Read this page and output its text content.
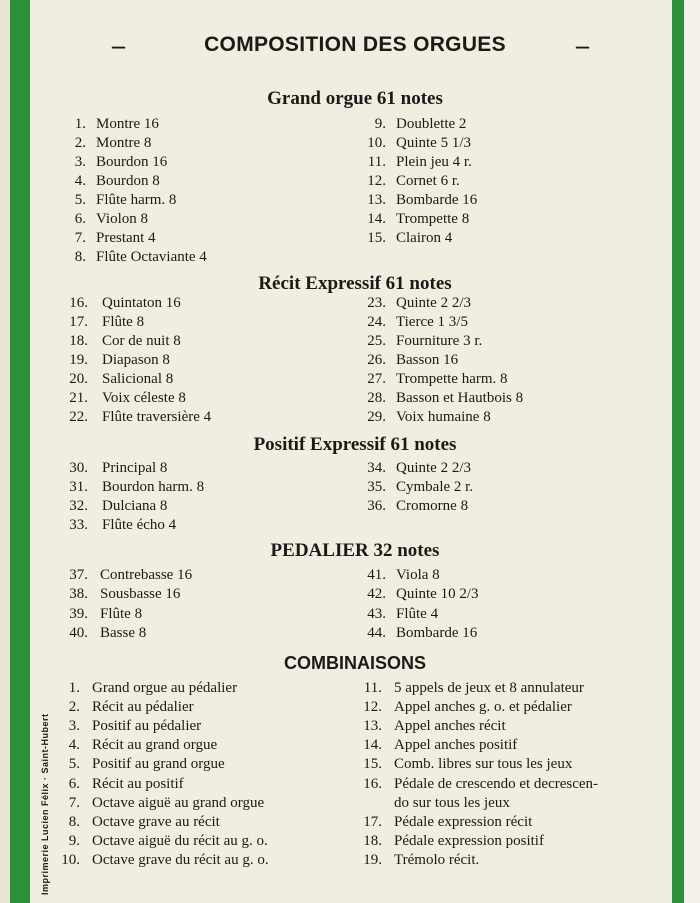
Imprimerie Lucien Félix · Saint-Hubert
–	–
COMPOSITION DES ORGUES
Grand orgue 61 notes
Récit Expressif 61 notes
Positif Expressif 61 notes
PEDALIER 32 notes
COMBINAISONS
1. Montre 16
2. Montre 8
3. Bourdon 16
4. Bourdon 8
5. Flûte harm. 8
6. Violon 8
7. Prestant 4
8. Flûte Octaviante 4
9. Doublette 2
10. Quinte 5 1/3
11. Plein jeu 4 r.
12. Cornet 6 r.
13. Bombarde 16
14. Trompette 8
15. Clairon 4
16. Quintaton 16
17. Flûte 8
18. Cor de nuit 8
19. Diapason 8
20. Salicional 8
21. Voix céleste 8
22. Flûte traversière 4
23. Quinte 2 2/3
24. Tierce 1 3/5
25. Fourniture 3 r.
26. Basson 16
27. Trompette harm. 8
28. Basson et Hautbois 8
29. Voix humaine 8
30. Principal 8
31. Bourdon harm. 8
32. Dulciana 8
33. Flûte écho 4
34. Quinte 2 2/3
35. Cymbale 2 r.
36. Cromorne 8
37. Contrebasse 16
38. Sousbasse 16
39. Flûte 8
40. Basse 8
41. Viola 8
42. Quinte 10 2/3
43. Flûte 4
44. Bombarde 16
1. Grand orgue au pédalier
2. Récit au pédalier
3. Positif au pédalier
4. Récit au grand orgue
5. Positif au grand orgue
6. Récit au positif
7. Octave aiguë au grand orgue
8. Octave grave au récit
9. Octave aiguë du récit au g. o.
10. Octave grave du récit au g. o.
11. 5 appels de jeux et 8 annulateur
12. Appel anches g. o. et pédalier
13. Appel anches récit
14. Appel anches positif
15. Comb. libres sur tous les jeux
16. Pédale de crescendo et decrescen-
do sur tous les jeux
17. Pédale expression récit
18. Pédale expression positif
19. Trémolo récit.
